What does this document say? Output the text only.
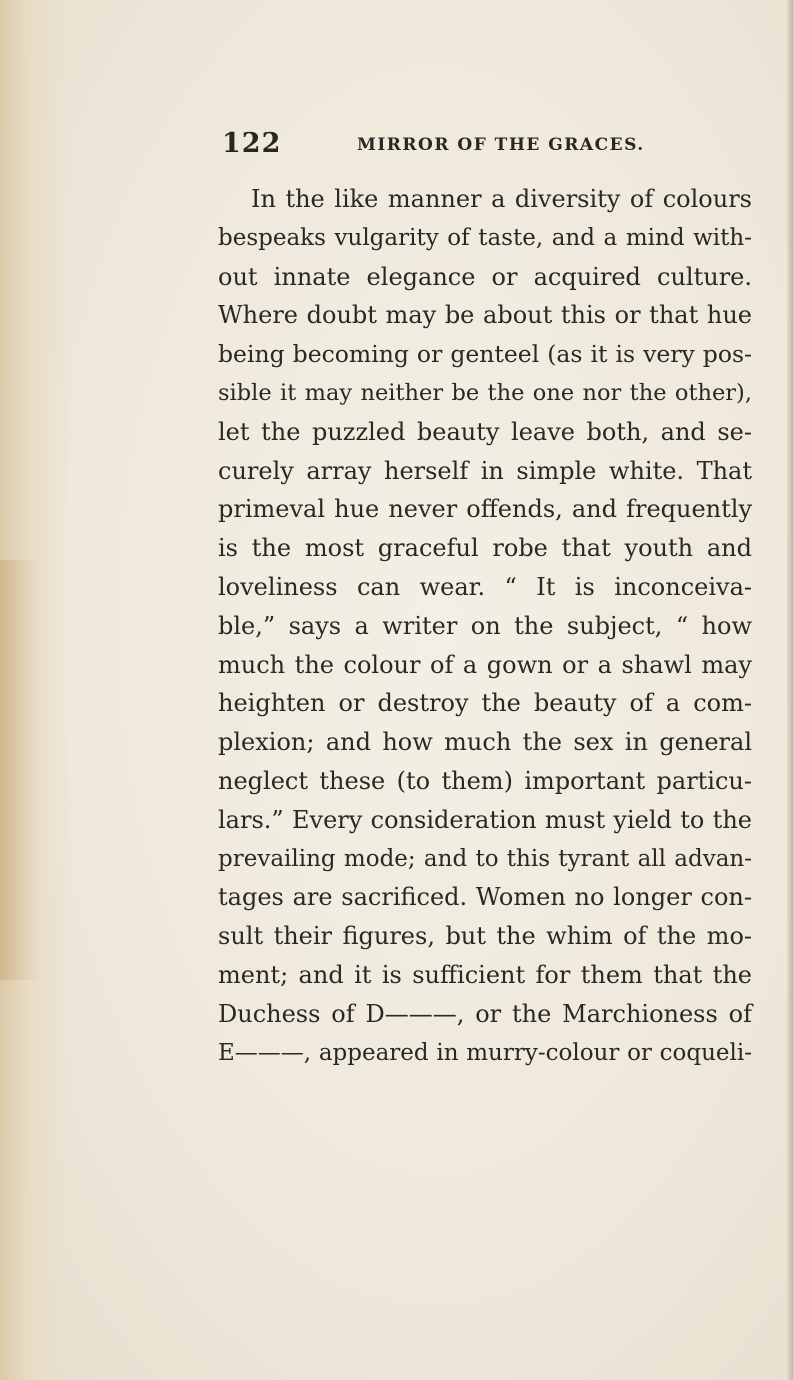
122	MIRROR OF THE GRACES.
In the like manner a diversity of colours
bespeaks vulgarity of taste, and a mind with-
out innate elegance or acquired culture.
Where doubt may be about this or that hue
being becoming or genteel (as it is very pos-
sible it may neither be the one nor the other),
let the puzzled beauty leave both, and se-
curely array herself in simple white. That
primeval hue never offends, and frequently
is the most graceful robe that youth and
loveliness can wear. “ It is inconceiva-
ble,” says a writer on the subject, “ how
much the colour of a gown or a shawl may
heighten or destroy the beauty of a com-
plexion; and how much the sex in general
neglect these (to them) important particu-
lars.” Every consideration must yield to the
prevailing mode; and to this tyrant all advan-
tages are sacrificed. Women no longer con-
sult their figures, but the whim of the mo-
ment; and it is sufficient for them that the
Duchess of D———, or the Marchioness of
E———, appeared in murry-colour or coqueli-
